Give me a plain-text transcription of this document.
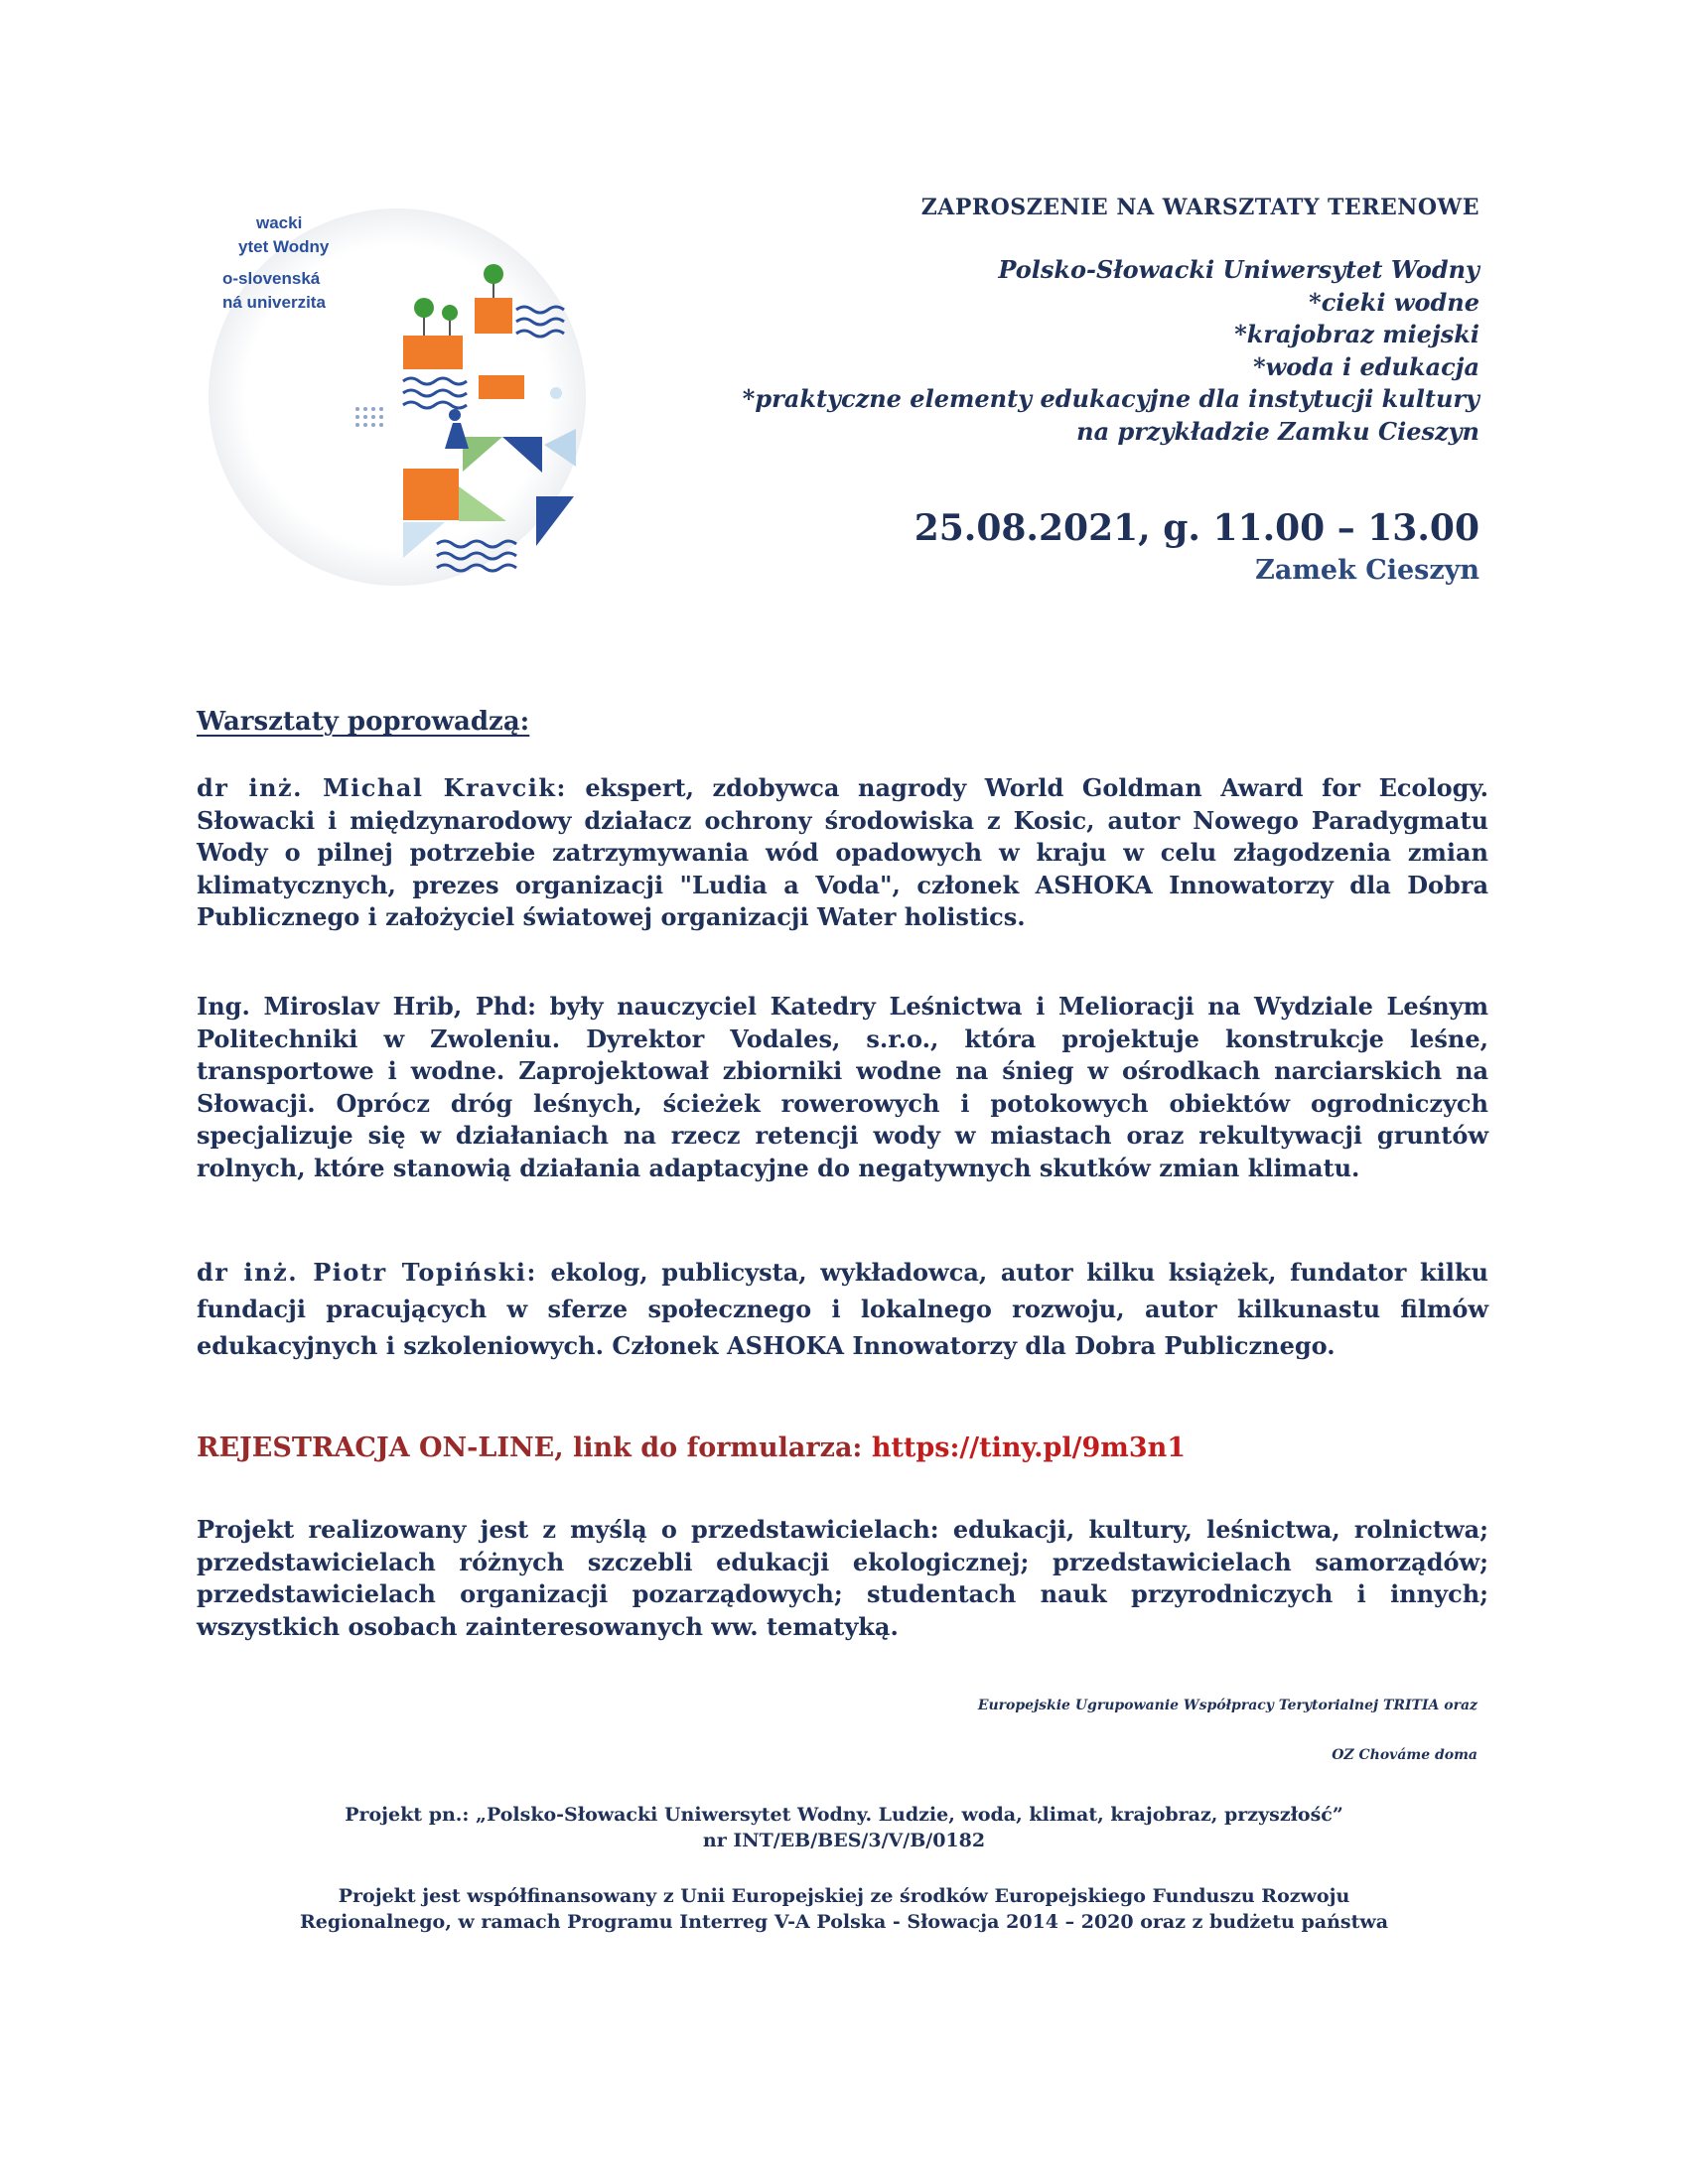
wacki
ytet Wodny
o-slovenská
ná univerzita
ZAPROSZENIE NA WARSZTATY TERENOWE
Polsko-Słowacki Uniwersytet Wodny
*cieki wodne
*krajobraz miejski
*woda i edukacja
*praktyczne elementy edukacyjne dla instytucji kultury
na przykładzie Zamku Cieszyn
25.08.2021, g. 11.00 – 13.00
Zamek Cieszyn
Warsztaty poprowadzą:
dr inż. Michal Kravcik: ekspert, zdobywca nagrody World Goldman Award for Ecology. Słowacki i międzynarodowy działacz ochrony środowiska z Kosic, autor Nowego Paradygmatu Wody o pilnej potrzebie zatrzymywania wód opadowych w kraju w celu złagodzenia zmian klimatycznych, prezes organizacji "Ludia a Voda", członek ASHOKA Innowatorzy dla Dobra Publicznego i założyciel światowej organizacji Water holistics.
Ing. Miroslav Hrib, Phd: były nauczyciel Katedry Leśnictwa i Melioracji na Wydziale Leśnym Politechniki w Zwoleniu. Dyrektor Vodales, s.r.o., która projektuje konstrukcje leśne, transportowe i wodne. Zaprojektował zbiorniki wodne na śnieg w ośrodkach narciarskich na Słowacji. Oprócz dróg leśnych, ścieżek rowerowych i potokowych obiektów ogrodniczych specjalizuje się w działaniach na rzecz retencji wody w miastach oraz rekultywacji gruntów rolnych, które stanowią działania adaptacyjne do negatywnych skutków zmian klimatu.
dr inż. Piotr Topiński: ekolog, publicysta, wykładowca, autor kilku książek, fundator kilku fundacji pracujących w sferze społecznego i lokalnego rozwoju, autor kilkunastu filmów edukacyjnych i szkoleniowych. Członek ASHOKA Innowatorzy dla Dobra Publicznego.
REJESTRACJA ON-LINE, link do formularza: https://tiny.pl/9m3n1
Projekt realizowany jest z myślą o przedstawicielach: edukacji, kultury, leśnictwa, rolnictwa; przedstawicielach różnych szczebli edukacji ekologicznej; przedstawicielach samorządów; przedstawicielach organizacji pozarządowych; studentach nauk przyrodniczych i innych; wszystkich osobach zainteresowanych ww. tematyką.
Europejskie Ugrupowanie Współpracy Terytorialnej TRITIA oraz
OZ Chováme doma
Projekt pn.: „Polsko-Słowacki Uniwersytet Wodny. Ludzie, woda, klimat, krajobraz, przyszłość”
nr INT/EB/BES/3/V/B/0182
Projekt jest współfinansowany z Unii Europejskiej ze środków Europejskiego Funduszu Rozwoju
Regionalnego, w ramach Programu Interreg V-A Polska - Słowacja 2014 – 2020 oraz z budżetu państwa
